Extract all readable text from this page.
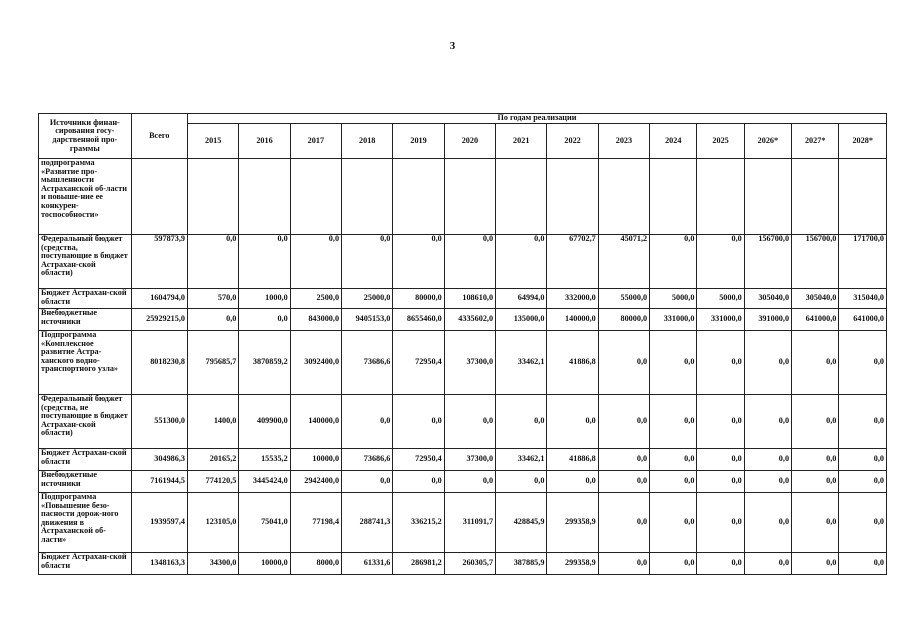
3
Источники финан-сирования госу-дарственной про-граммы	Всего	По годам реализации													
		2015	2016	2017	2018	2019	2020	2021	2022	2023	2024	2025	2026*	2027*	2028*
подпрограмма «Развитие про-мышленности Астраханской об-ласти и повыше-ние ее конкурен-тоспособности»															
Федеральный бюджет (средства, поступающие в бюджет Астрахан-ской области)	597873,9	0,0	0,0	0,0	0,0	0,0	0,0	0,0	67702,7	45071,2	0,0	0,0	156700,0	156700,0	171700,0
Бюджет Астрахан-ской области	1604794,0	570,0	1000,0	2500,0	25000,0	80000,0	108610,0	64994,0	332000,0	55000,0	5000,0	5000,0	305040,0	305040,0	315040,0
Внебюджетные источники	25929215,0	0,0	0,0	843000,0	9405153,0	8655460,0	4335602,0	135000,0	140000,0	80000,0	331000,0	331000,0	391000,0	641000,0	641000,0
Подпрограмма «Комплексное развитие Астра-ханского водно-транспортного узла»	8018230,8	795685,7	3870859,2	3092400,0	73686,6	72950,4	37300,0	33462,1	41886,8	0,0	0,0	0,0	0,0	0,0	0,0
Федеральный бюджет (средства, не поступающие в бюджет Астрахан-ской области)	551300,0	1400,0	409900,0	140000,0	0,0	0,0	0,0	0,0	0,0	0,0	0,0	0,0	0,0	0,0	0,0
Бюджет Астрахан-ской области	304986,3	20165,2	15535,2	10000,0	73686,6	72950,4	37300,0	33462,1	41886,8	0,0	0,0	0,0	0,0	0,0	0,0
Внебюджетные источники	7161944,5	774120,5	3445424,0	2942400,0	0,0	0,0	0,0	0,0	0,0	0,0	0,0	0,0	0,0	0,0	0,0
Подпрограмма «Повышение безо-пасности дорож-ного движения в Астраханской об-ласти»	1939597,4	123105,0	75041,0	77198,4	288741,3	336215,2	311091,7	428845,9	299358,9	0,0	0,0	0,0	0,0	0,0	0,0
Бюджет Астрахан-ской области	1348163,3	34300,0	10000,0	8000,0	61331,6	286981,2	260305,7	387885,9	299358,9	0,0	0,0	0,0	0,0	0,0	0,0
